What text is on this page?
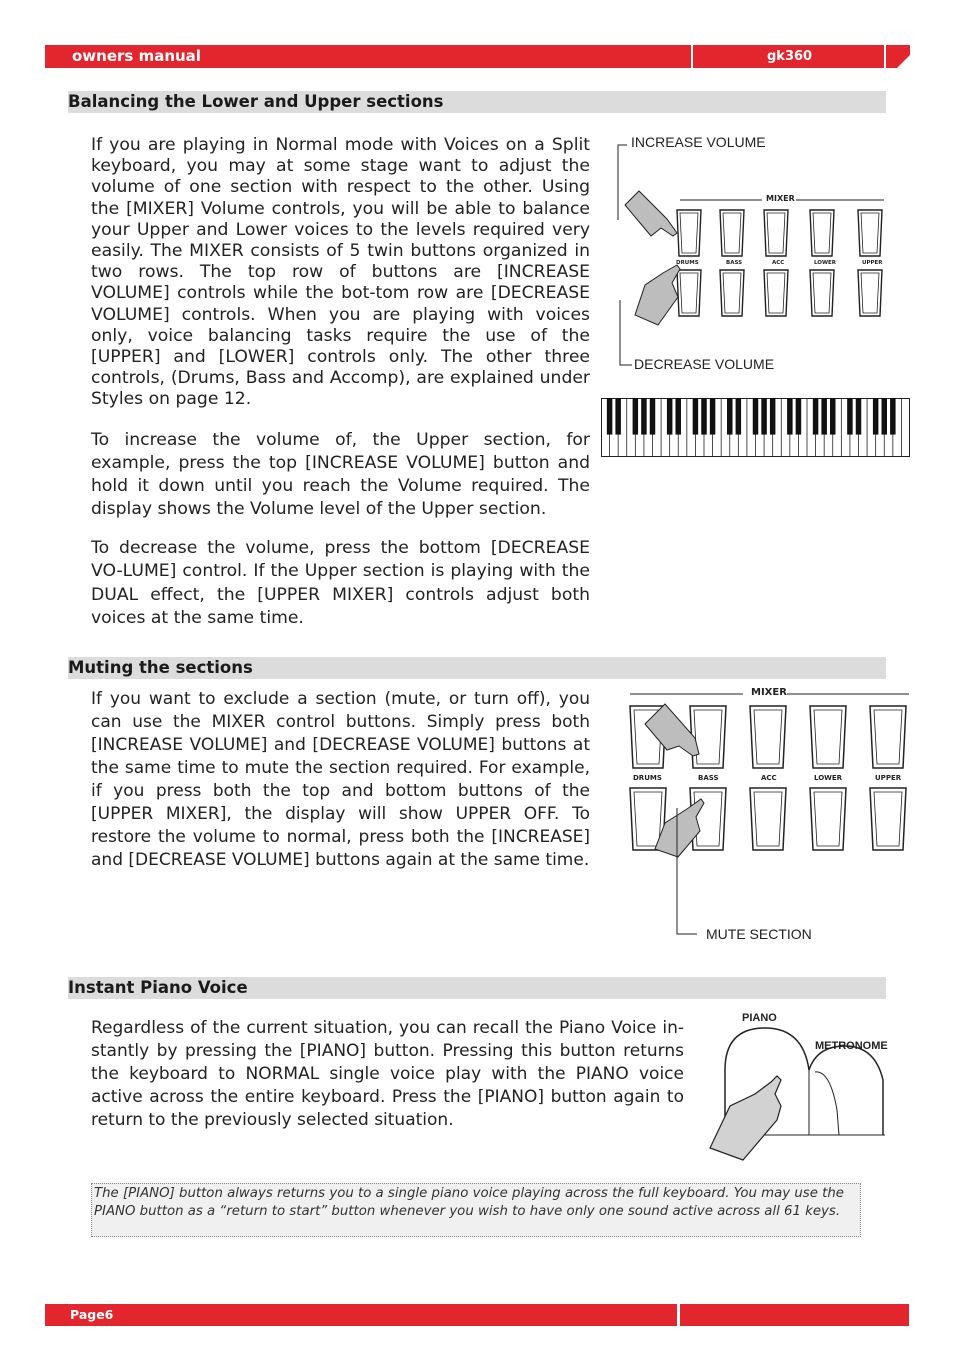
owners manual	gk360
Balancing the Lower and Upper sections

If you are playing in Normal mode with Voices on a Split keyboard, you may at some stage want to adjust the volume of one section with respect to the other. Using the [MIXER] Volume controls, you will be able to balance your Upper and Lower voices to the levels required very easily. The MIXER consists of 5 twin buttons organized in two rows. The top row of buttons are [INCREASE VOLUME] controls while the bot-tom row are [DECREASE VOLUME] controls. When you are playing with voices only, voice balancing tasks require the use of the [UPPER] and [LOWER] controls only. The other three controls, (Drums, Bass and Accomp), are explained under Styles on page 12.

To increase the volume of, the Upper section, for example, press the top [INCREASE VOLUME] button and hold it down until you reach the Volume required. The display shows the Volume level of the Upper section.

To decrease the volume, press the bottom [DECREASE VO-LUME] control. If the Upper section is playing with the DUAL effect, the [UPPER MIXER] controls adjust both voices at the same time.

INCREASE VOLUME
DECREASE VOLUME
MIXER
DRUMS	BASS	ACC	LOWER	UPPER
Muting the sections

If you want to exclude a section (mute, or turn off), you can use the MIXER control buttons. Simply press both [INCREASE VOLUME] and [DECREASE VOLUME] buttons at the same time to mute the section required. For example, if you press both the top and bottom buttons of the [UPPER MIXER], the display will show UPPER OFF. To restore the volume to normal, press both the [INCREASE] and [DECREASE VOLUME] buttons again at the same time.

MIXER
DRUMS	BASS	ACC	LOWER	UPPER
MUTE SECTION
Instant Piano Voice

Regardless of the current situation, you can recall the Piano Voice in-stantly by pressing the [PIANO] button. Pressing this button returns the keyboard to NORMAL single voice play with the PIANO voice active across the entire keyboard. Press the [PIANO] button again to return to the previously selected situation.

PIANO
METRONOME
The [PIANO] button always returns you to a single piano voice playing across the full keyboard. You may use the PIANO button as a “return to start” button whenever you wish to have only one sound active across all 61 keys.
Page6
